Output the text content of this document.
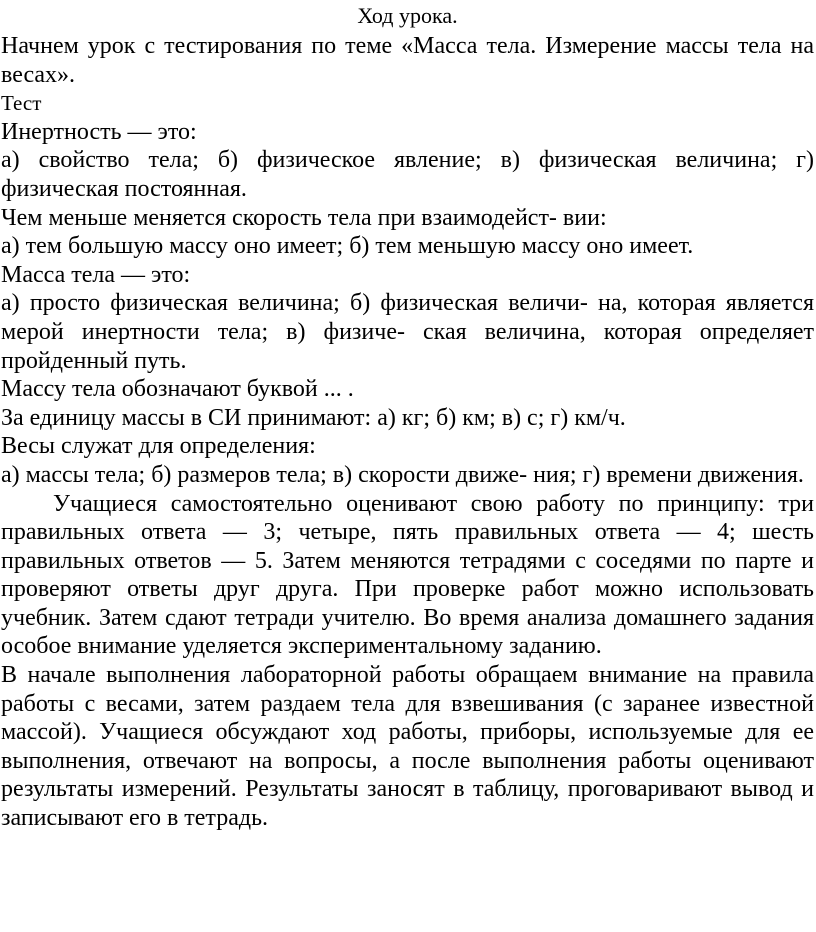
Ход урока.

Начнем урок с тестирования по теме «Масса тела. Измерение массы тела на весах».

Тест

Инертность — это:

а) свойство тела; б) физическое явление; в) физическая величина; г) физическая постоянная.

Чем меньше меняется скорость тела при взаимодейст- вии:

а) тем большую массу оно имеет; б) тем меньшую массу оно имеет.

Масса тела — это:

а) просто физическая величина; б) физическая величи- на, которая является мерой инертности тела; в) физиче- ская величина, которая определяет пройденный путь.

Массу тела обозначают буквой ... .

За единицу массы в СИ принимают: а) кг; б) км; в) с; г) км/ч.

Весы служат для определения:

а) массы тела; б) размеров тела; в) скорости движе- ния; г) времени движения.

Учащиеся самостоятельно оценивают свою работу по принципу: три правильных ответа — 3; четыре, пять правильных ответа — 4; шесть правильных ответов — 5. Затем меняются тетрадями с соседями по парте и проверяют ответы друг друга. При проверке работ можно использовать учебник. Затем сдают тетради учителю. Во время анализа домашнего задания особое внимание уделяется экспериментальному заданию.

В начале выполнения лабораторной работы обращаем внимание на правила работы с весами, затем раздаем тела для взвешивания (с заранее известной массой). Учащиеся обсуждают ход работы, приборы, используемые для ее выполнения, отвечают на вопросы, а после выполнения работы оценивают результаты измерений. Результаты заносят в таблицу, проговаривают вывод и записывают его в тетрадь.
